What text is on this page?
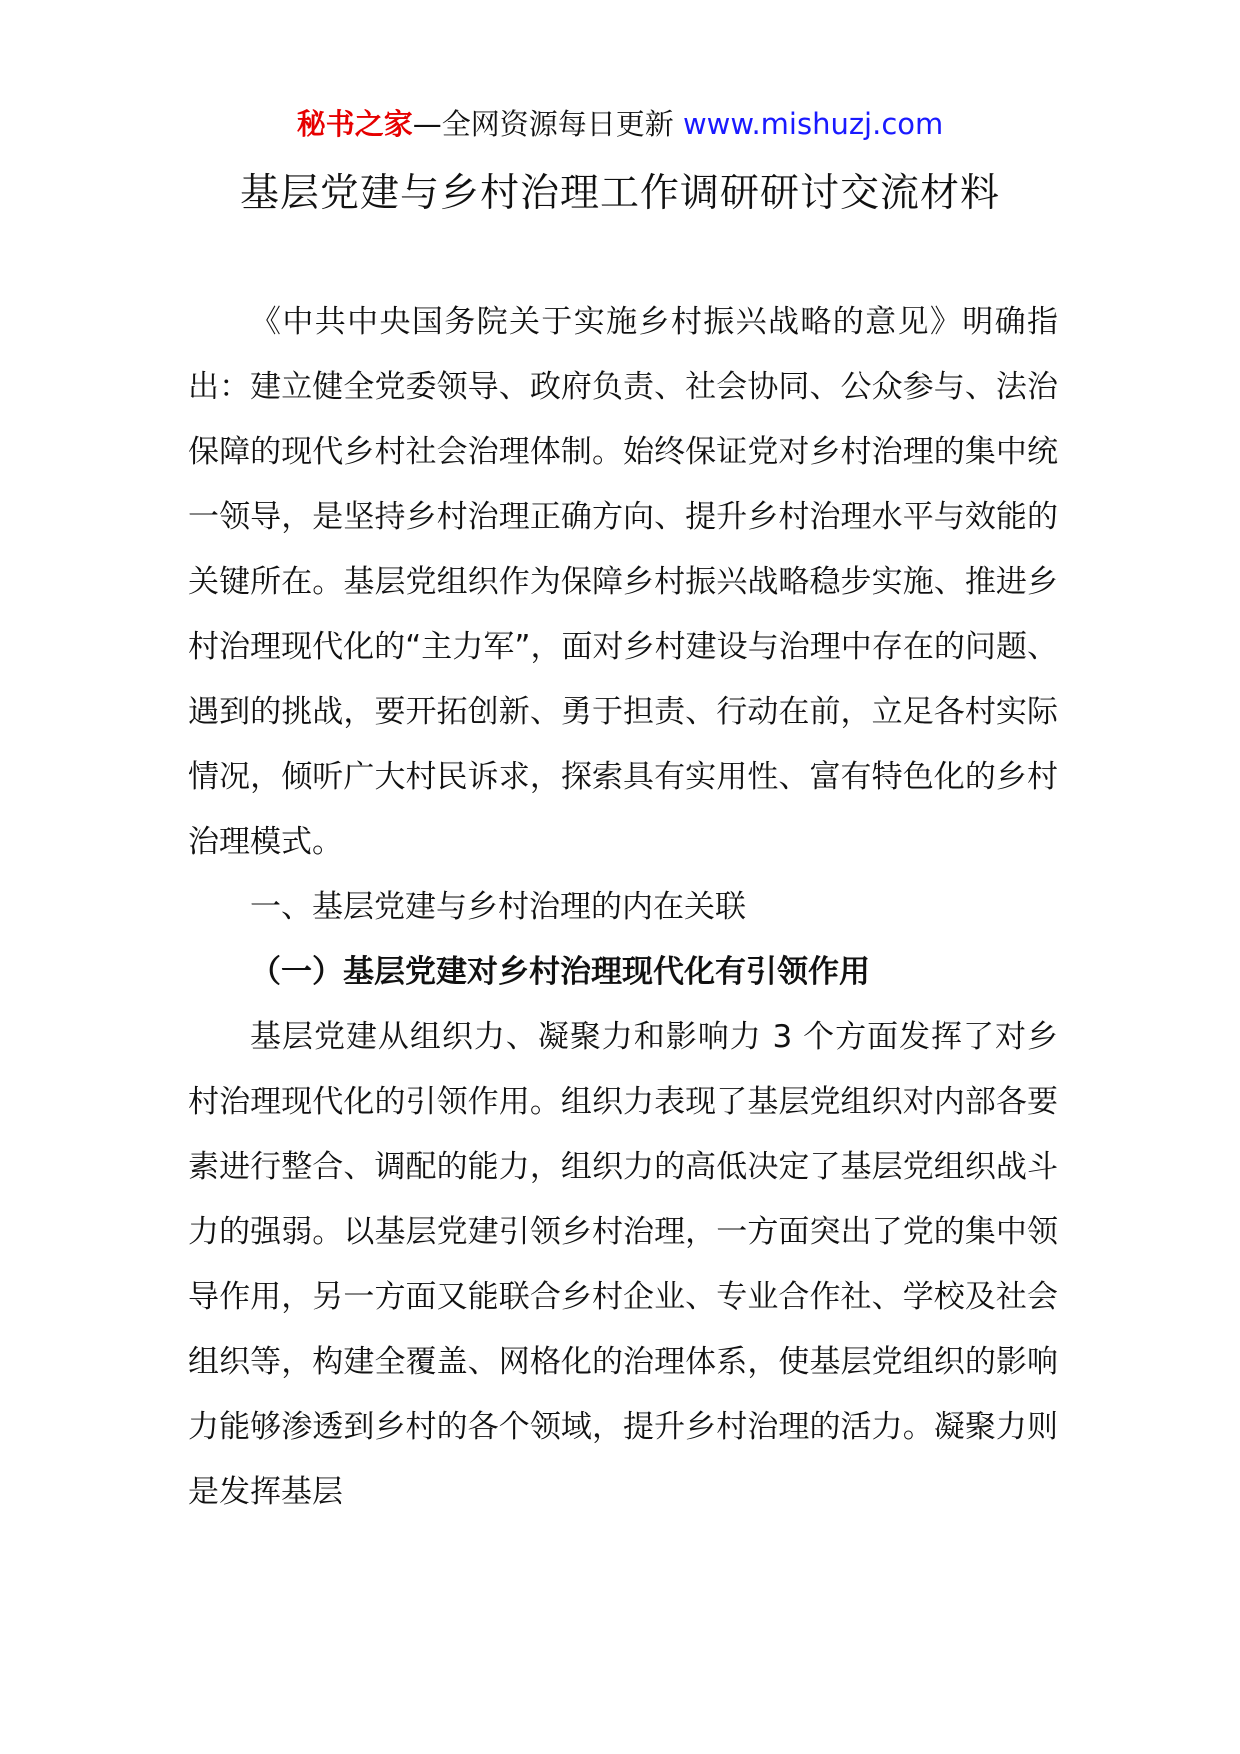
秘书之家—全网资源每日更新 www.mishuzj.com
基层党建与乡村治理工作调研研讨交流材料

《中共中央国务院关于实施乡村振兴战略的意见》明确指出：建立健全党委领导、政府负责、社会协同、公众参与、法治保障的现代乡村社会治理体制。始终保证党对乡村治理的集中统一领导，是坚持乡村治理正确方向、提升乡村治理水平与效能的关键所在。基层党组织作为保障乡村振兴战略稳步实施、推进乡村治理现代化的“主力军”，面对乡村建设与治理中存在的问题、遇到的挑战，要开拓创新、勇于担责、行动在前，立足各村实际情况，倾听广大村民诉求，探索具有实用性、富有特色化的乡村治理模式。

一、基层党建与乡村治理的内在关联

（一）基层党建对乡村治理现代化有引领作用

基层党建从组织力、凝聚力和影响力 3 个方面发挥了对乡村治理现代化的引领作用。组织力表现了基层党组织对内部各要素进行整合、调配的能力，组织力的高低决定了基层党组织战斗力的强弱。以基层党建引领乡村治理，一方面突出了党的集中领导作用，另一方面又能联合乡村企业、专业合作社、学校及社会组织等，构建全覆盖、网格化的治理体系，使基层党组织的影响力能够渗透到乡村的各个领域，提升乡村治理的活力。凝聚力则是发挥基层
